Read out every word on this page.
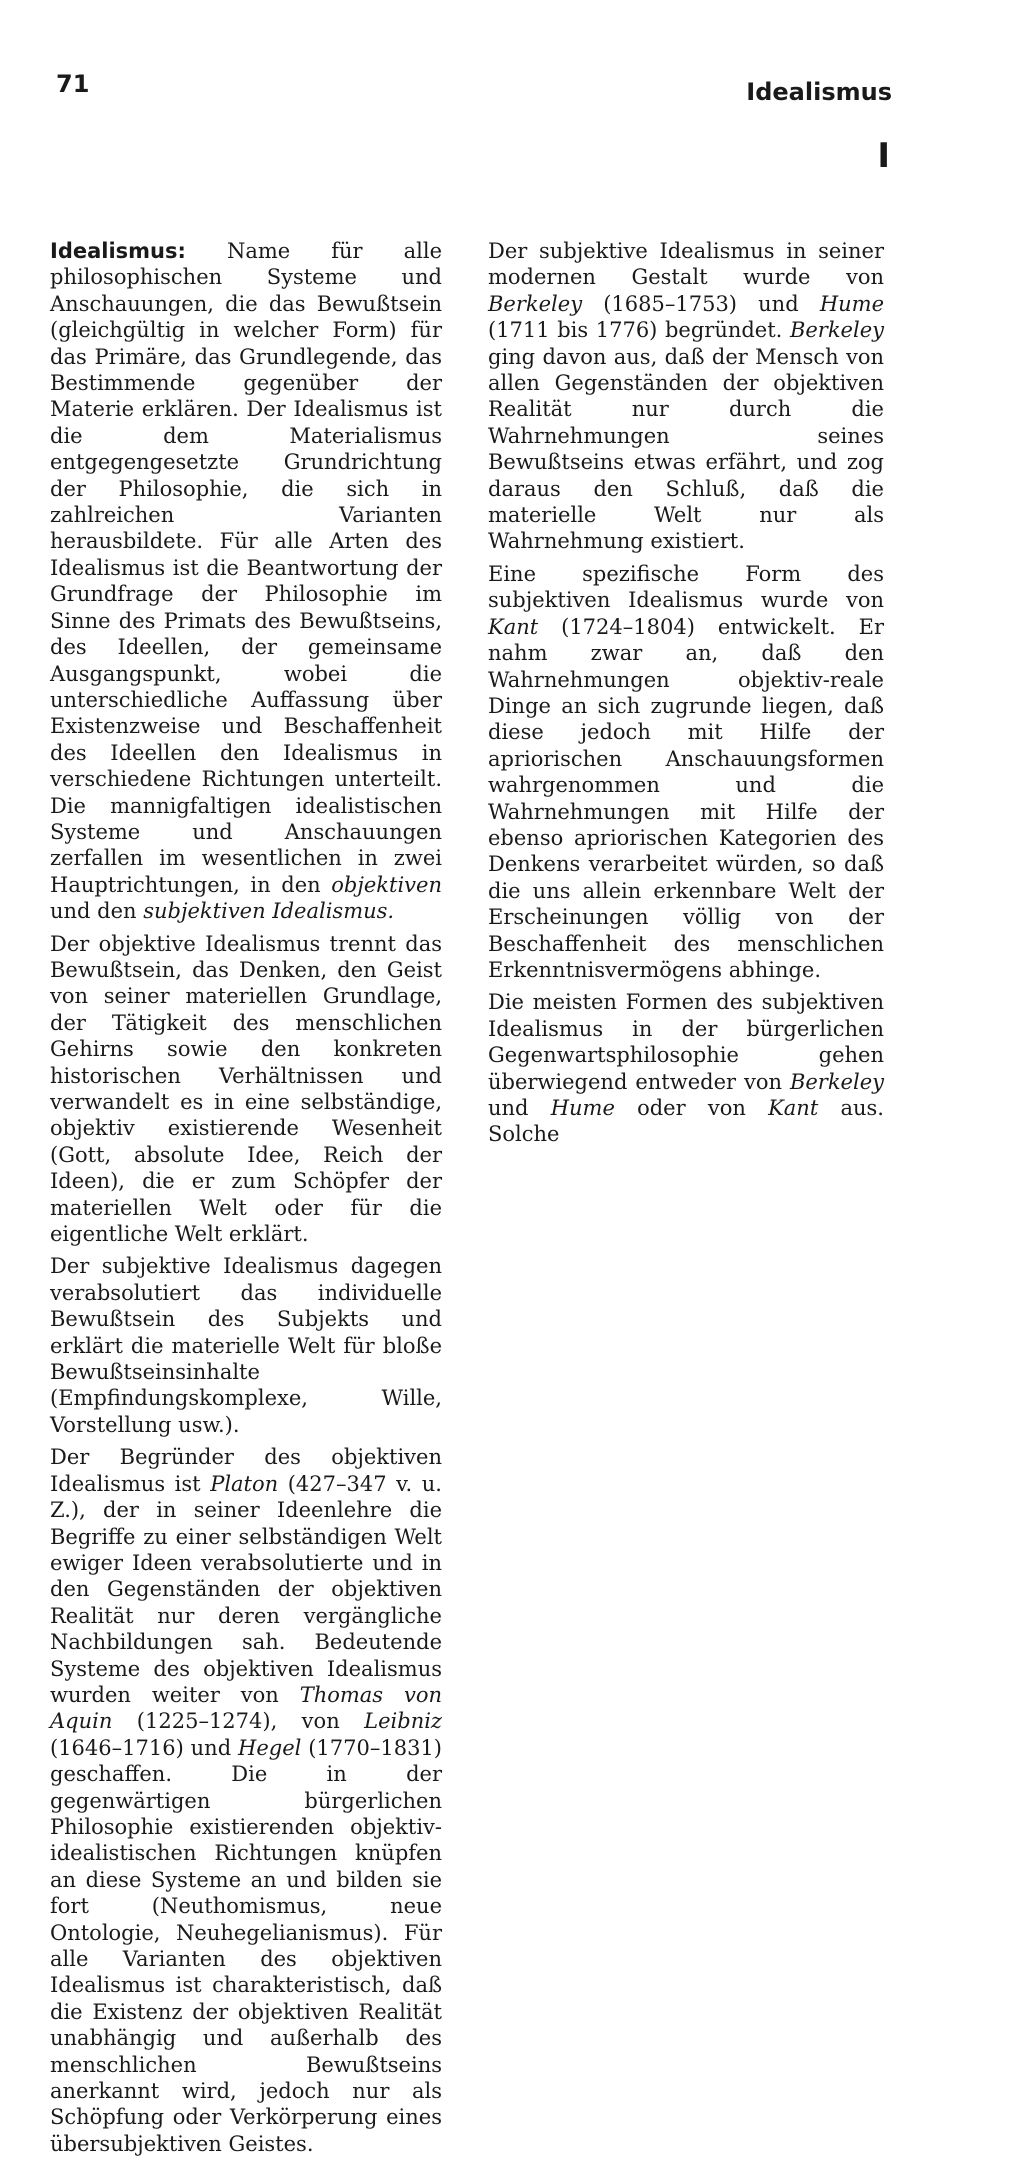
71	Idealismus
I

Idealismus: Name für alle philosophischen Systeme und Anschauungen, die das Bewußtsein (gleichgültig in welcher Form) für das Primäre, das Grundlegende, das Bestimmende gegenüber der Materie erklären. Der Idealismus ist die dem Materialismus entgegengesetzte Grundrichtung der Philosophie, die sich in zahlreichen Varianten herausbildete. Für alle Arten des Idealismus ist die Beantwortung der Grundfrage der Philosophie im Sinne des Primats des Bewußtseins, des Ideellen, der gemeinsame Ausgangspunkt, wobei die unterschiedliche Auffassung über Existenzweise und Beschaffenheit des Ideellen den Idealismus in verschiedene Richtungen unterteilt. Die mannigfaltigen idealistischen Systeme und Anschauungen zerfallen im wesentlichen in zwei Hauptrichtungen, in den objektiven und den subjektiven Idealismus.

Der objektive Idealismus trennt das Bewußtsein, das Denken, den Geist von seiner materiellen Grundlage, der Tätigkeit des menschlichen Gehirns sowie den konkreten historischen Verhältnissen und verwandelt es in eine selbständige, objektiv existierende Wesenheit (Gott, absolute Idee, Reich der Ideen), die er zum Schöpfer der materiellen Welt oder für die eigentliche Welt erklärt.

Der subjektive Idealismus dagegen verabsolutiert das individuelle Bewußtsein des Subjekts und erklärt die materielle Welt für bloße Bewußtseinsinhalte (Empfindungskomplexe, Wille, Vorstellung usw.).

Der Begründer des objektiven Idealismus ist Platon (427–347 v. u. Z.), der in seiner Ideenlehre die Begriffe zu einer selbständigen Welt ewiger Ideen verabsolutierte und in den Gegenständen der objektiven Realität nur deren vergängliche Nachbildungen sah. Bedeutende Systeme des objektiven Idealismus wurden weiter von Thomas von Aquin (1225–1274), von Leibniz (1646–1716) und Hegel (1770–1831) geschaffen. Die in der gegenwärtigen bürgerlichen Philosophie existierenden objektiv-idealistischen Richtungen knüpfen an diese Systeme an und bilden sie fort (Neuthomismus, neue Ontologie, Neuhegelianismus). Für alle Varianten des objektiven Idealismus ist charakteristisch, daß die Existenz der objektiven Realität unabhängig und außerhalb des menschlichen Bewußtseins anerkannt wird, jedoch nur als Schöpfung oder Verkörperung eines übersubjektiven Geistes.

Der subjektive Idealismus in seiner modernen Gestalt wurde von Berkeley (1685–1753) und Hume (1711 bis 1776) begründet. Berkeley ging davon aus, daß der Mensch von allen Gegenständen der objektiven Realität nur durch die Wahrnehmungen seines Bewußtseins etwas erfährt, und zog daraus den Schluß, daß die materielle Welt nur als Wahrnehmung existiert.

Eine spezifische Form des subjektiven Idealismus wurde von Kant (1724–1804) entwickelt. Er nahm zwar an, daß den Wahrnehmungen objektiv-reale Dinge an sich zugrunde liegen, daß diese jedoch mit Hilfe der apriorischen Anschauungsformen wahrgenommen und die Wahrnehmungen mit Hilfe der ebenso apriorischen Kategorien des Denkens verarbeitet würden, so daß die uns allein erkennbare Welt der Erscheinungen völlig von der Beschaffenheit des menschlichen Erkenntnisvermögens abhinge.

Die meisten Formen des subjektiven Idealismus in der bürgerlichen Gegenwartsphilosophie gehen überwiegend entweder von Berkeley und Hume oder von Kant aus. Solche
